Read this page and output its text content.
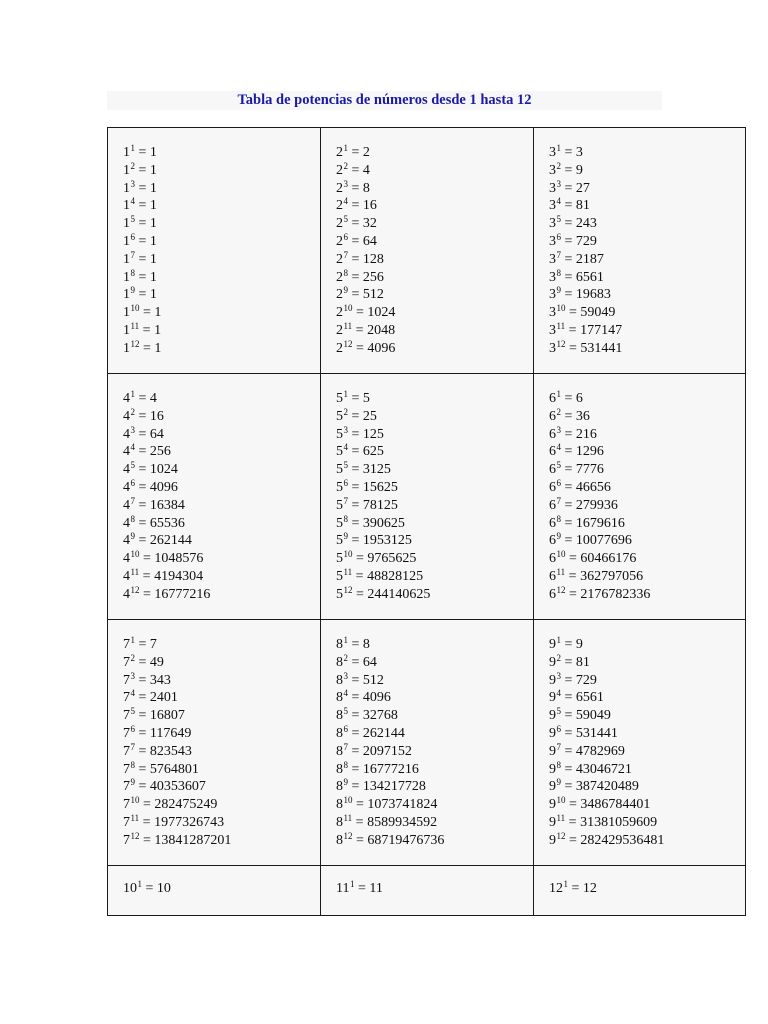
Tabla de potencias de números desde 1 hasta 12
$1^1 = 1$
$1^2 = 1$
$1^3 = 1$
$1^4 = 1$
$1^5 = 1$
$1^6 = 1$
$1^7 = 1$
$1^8 = 1$
$1^9 = 1$
$1^{10} = 1$
$1^{11} = 1$
$1^{12} = 1$
$2^1 = 2$
$2^2 = 4$
$2^3 = 8$
$2^4 = 16$
$2^5 = 32$
$2^6 = 64$
$2^7 = 128$
$2^8 = 256$
$2^9 = 512$
$2^{10} = 1024$
$2^{11} = 2048$
$2^{12} = 4096$
$3^1 = 3$
$3^2 = 9$
$3^3 = 27$
$3^4 = 81$
$3^5 = 243$
$3^6 = 729$
$3^7 = 2187$
$3^8 = 6561$
$3^9 = 19683$
$3^{10} = 59049$
$3^{11} = 177147$
$3^{12} = 531441$
$4^1 = 4$
$4^2 = 16$
$4^3 = 64$
$4^4 = 256$
$4^5 = 1024$
$4^6 = 4096$
$4^7 = 16384$
$4^8 = 65536$
$4^9 = 262144$
$4^{10} = 1048576$
$4^{11} = 4194304$
$4^{12} = 16777216$
$5^1 = 5$
$5^2 = 25$
$5^3 = 125$
$5^4 = 625$
$5^5 = 3125$
$5^6 = 15625$
$5^7 = 78125$
$5^8 = 390625$
$5^9 = 1953125$
$5^{10} = 9765625$
$5^{11} = 48828125$
$5^{12} = 244140625$
$6^1 = 6$
$6^2 = 36$
$6^3 = 216$
$6^4 = 1296$
$6^5 = 7776$
$6^6 = 46656$
$6^7 = 279936$
$6^8 = 1679616$
$6^9 = 10077696$
$6^{10} = 60466176$
$6^{11} = 362797056$
$6^{12} = 2176782336$
$7^1 = 7$
$7^2 = 49$
$7^3 = 343$
$7^4 = 2401$
$7^5 = 16807$
$7^6 = 117649$
$7^7 = 823543$
$7^8 = 5764801$
$7^9 = 40353607$
$7^{10} = 282475249$
$7^{11} = 1977326743$
$7^{12} = 13841287201$
$8^1 = 8$
$8^2 = 64$
$8^3 = 512$
$8^4 = 4096$
$8^5 = 32768$
$8^6 = 262144$
$8^7 = 2097152$
$8^8 = 16777216$
$8^9 = 134217728$
$8^{10} = 1073741824$
$8^{11} = 8589934592$
$8^{12} = 68719476736$
$9^1 = 9$
$9^2 = 81$
$9^3 = 729$
$9^4 = 6561$
$9^5 = 59049$
$9^6 = 531441$
$9^7 = 4782969$
$9^8 = 43046721$
$9^9 = 387420489$
$9^{10} = 3486784401$
$9^{11} = 31381059609$
$9^{12} = 282429536481$
$10^1 = 10$	$11^1 = 11$	$12^1 = 12$
